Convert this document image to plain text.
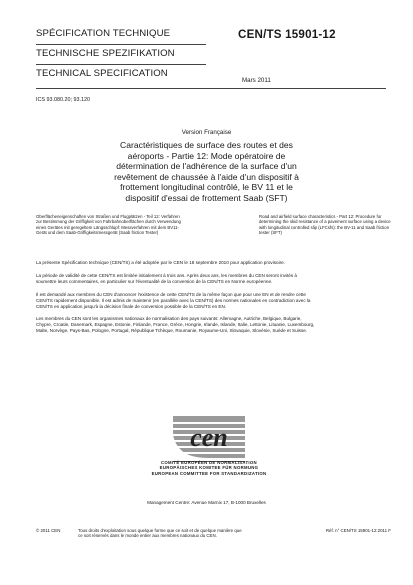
SPÉCIFICATION TECHNIQUE
TECHNISCHE SPEZIFIKATION
TECHNICAL SPECIFICATION
CEN/TS 15901-12
Mars 2011
ICS 93.080.20; 93.120
Version Française
Caractéristiques de surface des routes et des aéroports - Partie 12: Mode opératoire de détermination de l'adhérence de la surface d'un revêtement de chaussée à l'aide d'un dispositif à frottement longitudinal contrôlé, le BV 11 et le dispositif d'essai de frottement Saab (SFT)
Oberflächeneigenschaften von Straßen und Flugplätzen - Teil 12: Verfahren zur Bestimmung der Griffigkeit von Fahrbahnoberflächen durch Verwendung eines Gerätes mit geregeltem Längsschlupf: Messverfahren mit dem BV11-Gerät und dem Saab-Griffigkeitsmessgerät (Saab friction Tester)
Road and airfield surface characteristics - Part 12: Procedure for determining the skid resistance of a pavement surface using a device with longitudinal controlled slip (LFCsfs): the BV-11 and Saab friction tester (SFT)
La présente Spécification technique (CEN/TS) a été adoptée par le CEN le 18 septembre 2010 pour application provisoire.
La période de validité de cette CEN/TS est limitée initialement à trois ans. Après deux ans, les membres du CEN seront invités à
soumettre leurs commentaires, en particulier sur l'éventualité de la conversion de la CEN/TS en Norme européenne.
Il est demandé aux membres du CEN d'annoncer l'existence de cette CEN/TS de la même façon que pour une EN et de rendre cette
CEN/TS rapidement disponible. Il est admis de maintenir (en parallèle avec la CEN/TS) des normes nationales en contradiction avec la
CEN/TS en application jusqu'à la décision finale de conversion possible de la CEN/TS en EN.
Les membres du CEN sont les organismes nationaux de normalisation des pays suivants: Allemagne, Autriche, Belgique, Bulgarie,
Chypre, Croatie, Danemark, Espagne, Estonie, Finlande, France, Grèce, Hongrie, Irlande, Islande, Italie, Lettonie, Lituanie, Luxembourg,
Malte, Norvège, Pays-Bas, Pologne, Portugal, République Tchèque, Roumanie, Royaume-Uni, Slovaquie, Slovénie, Suède et Suisse.
cen
COMITÉ EUROPÉEN DE NORMALISATION
EUROPÄISCHES KOMITEE FÜR NORMUNG
EUROPEAN COMMITTEE FOR STANDARDIZATION
Management Centre: Avenue Marnix 17, B-1000 Bruxelles
© 2011 CEN	Tous droits d'exploitation sous quelque forme que ce soit et de quelque manière que
ce soit réservés dans le monde entier aux membres nationaux du CEN.
Réf. n° CEN/TS 15901-12:2011 F
